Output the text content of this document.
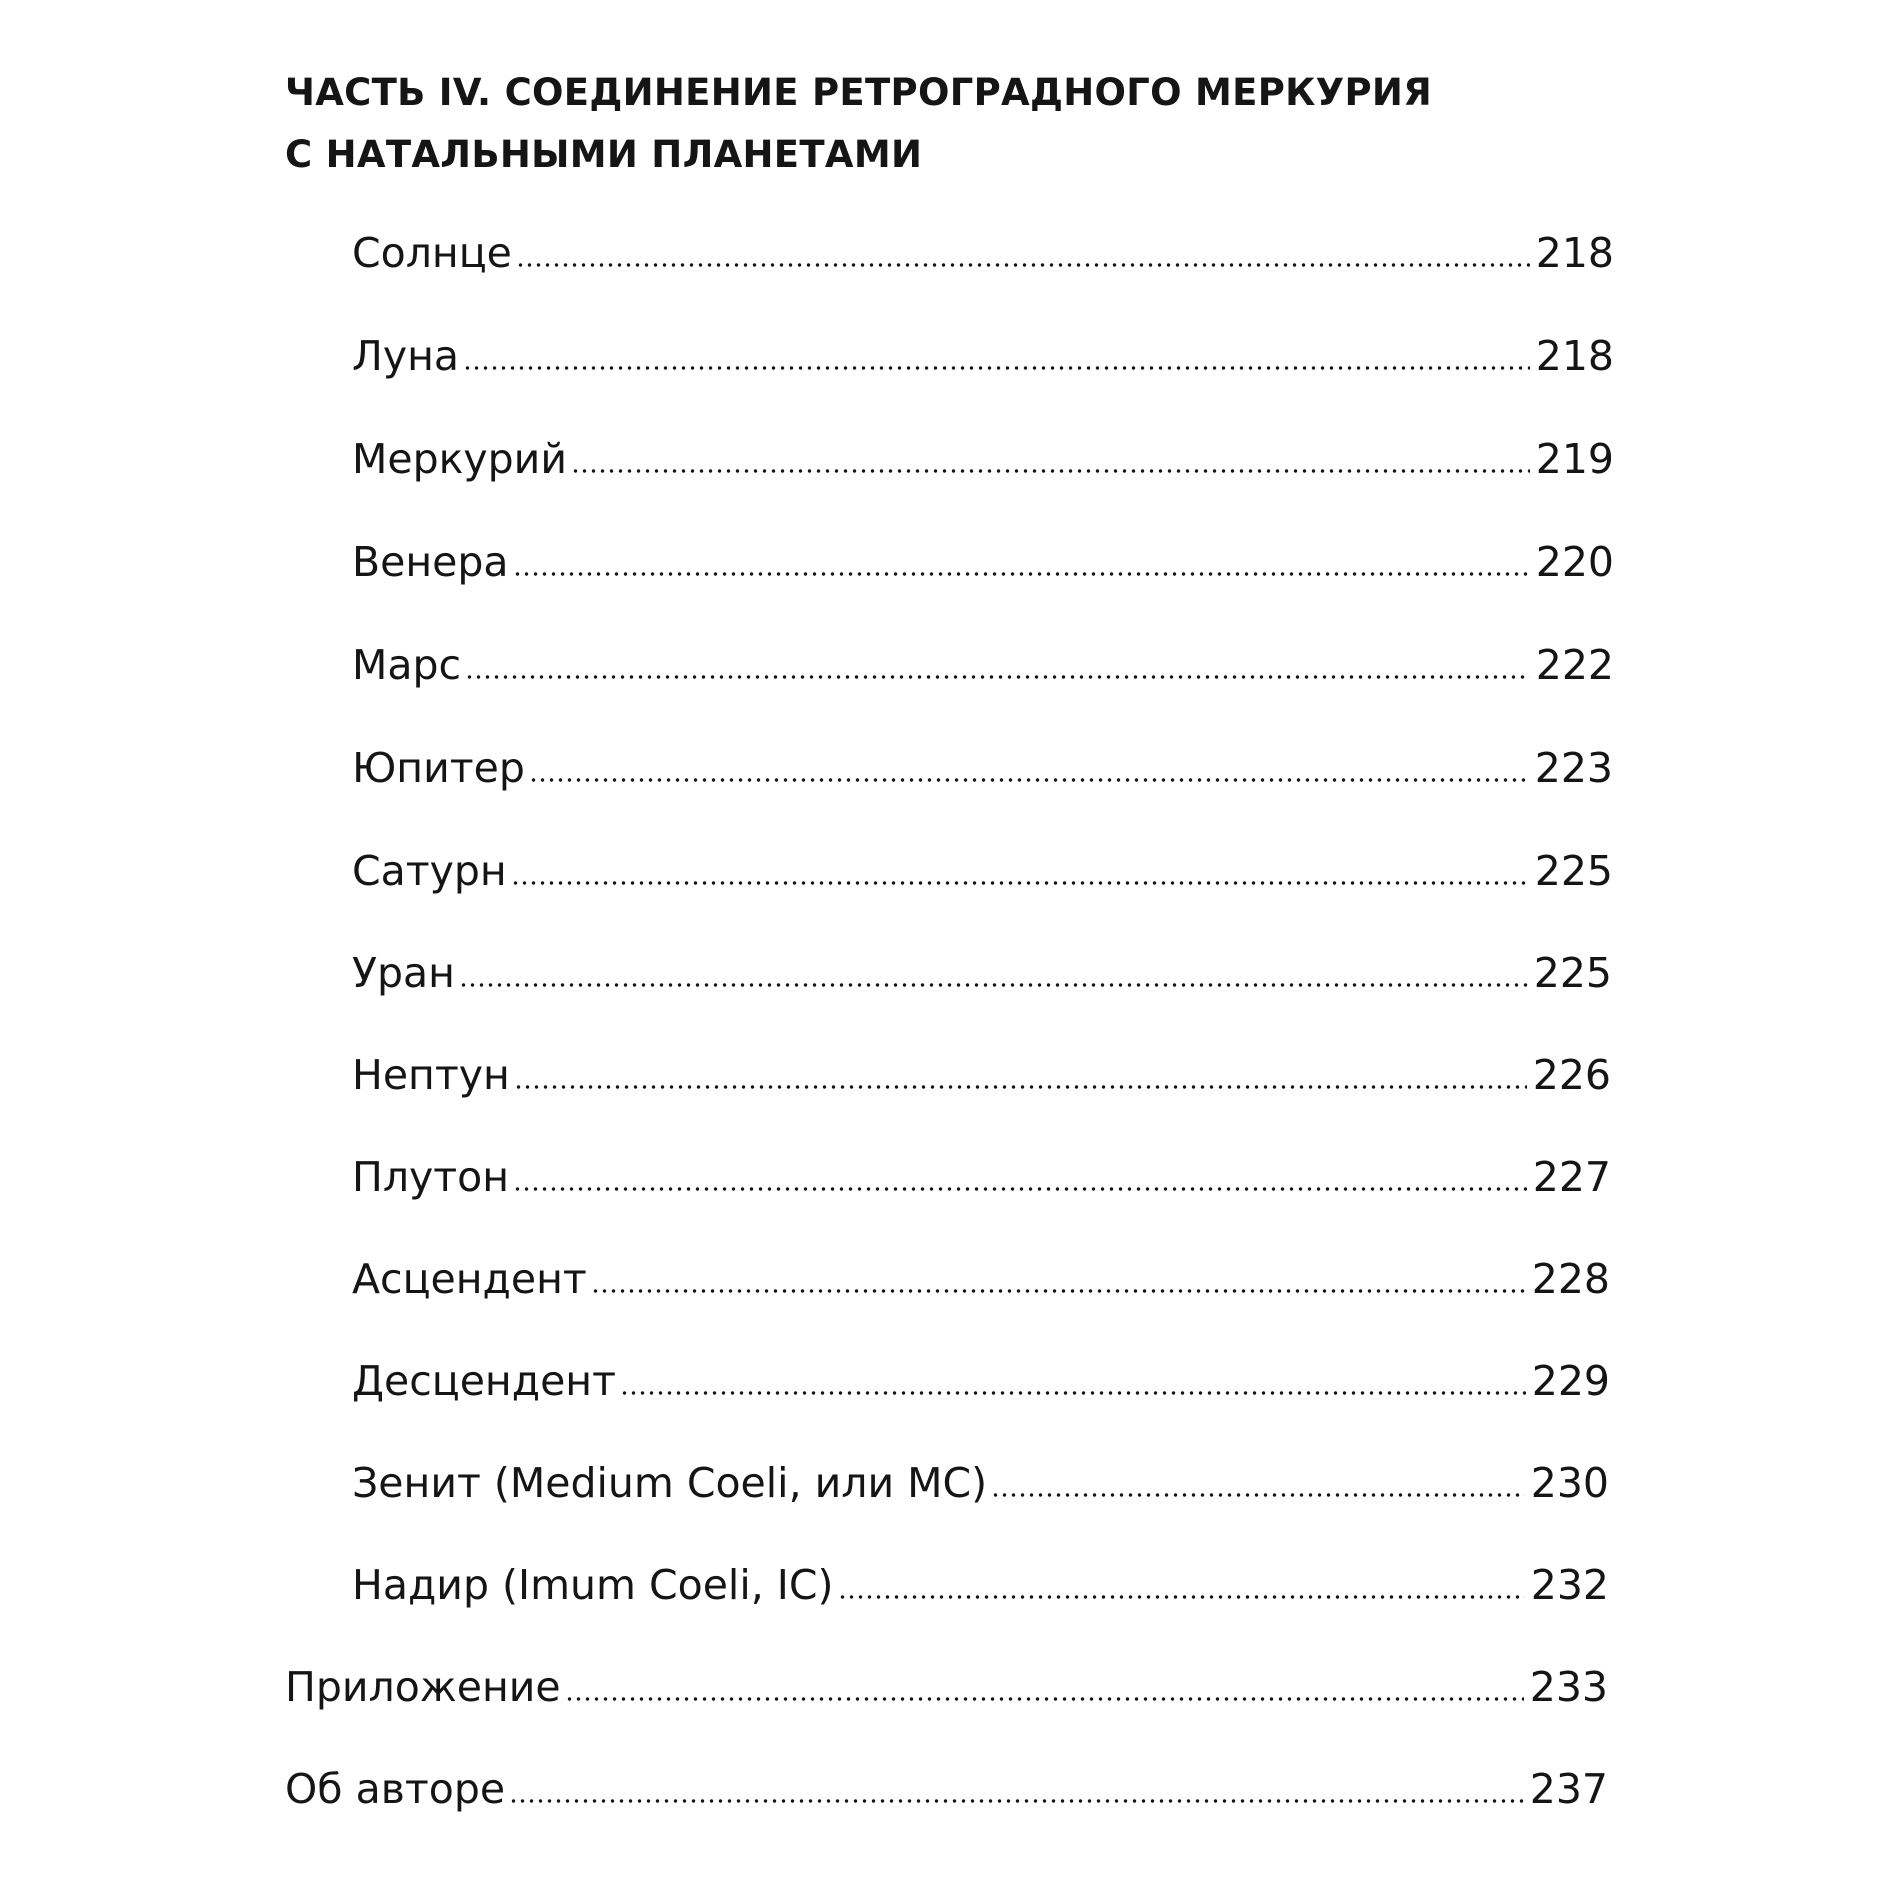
ЧАСТЬ IV. СОЕДИНЕНИЕ РЕТРОГРАДНОГО МЕРКУРИЯ
С НАТАЛЬНЫМИ ПЛАНЕТАМИ
Солнце	218
Луна	218
Меркурий	219
Венера	220
Марс	222
Юпитер	223
Сатурн	225
Уран	225
Нептун	226
Плутон	227
Асцендент	228
Десцендент	229
Зенит (Medium Coeli, или MC)	230
Надир (Imum Coeli, IC)	232
Приложение	233
Об авторе	237
